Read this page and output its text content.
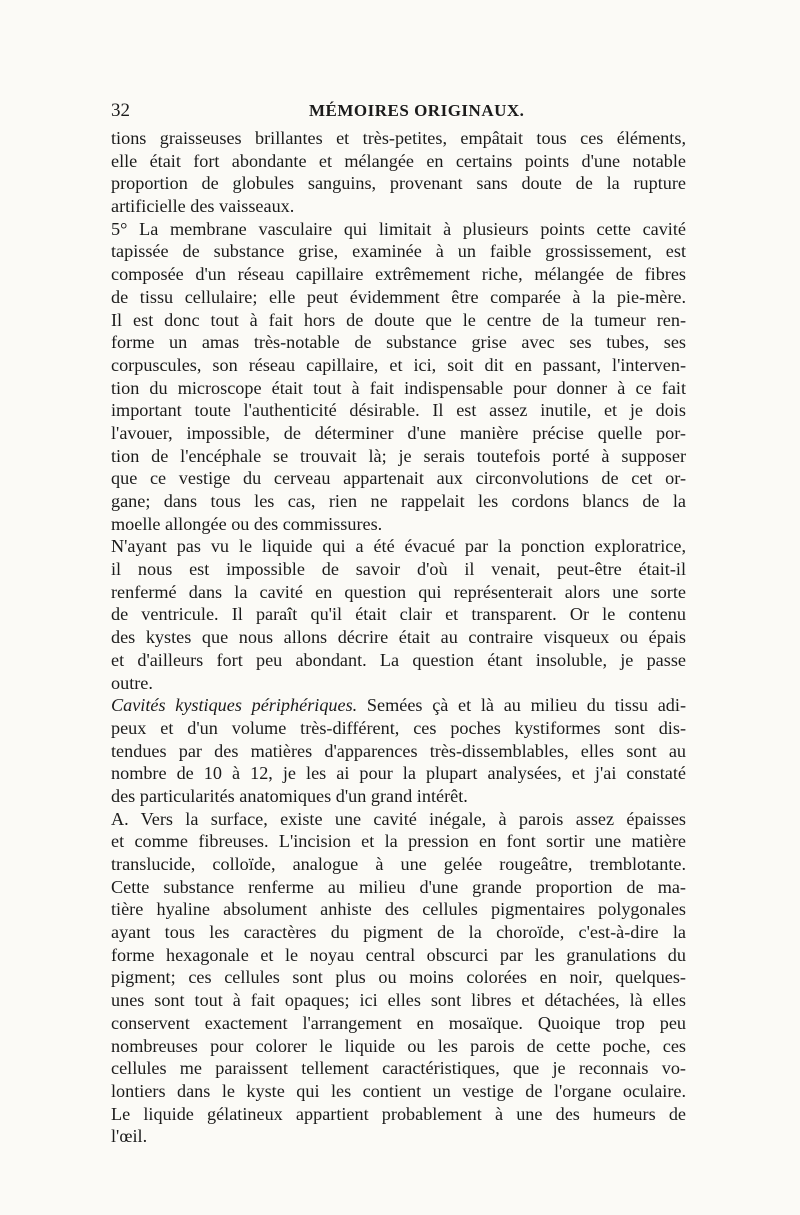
32	MÉMOIRES ORIGINAUX.
tions graisseuses brillantes et très-petites, empâtait tous ces éléments,
elle était fort abondante et mélangée en certains points d'une notable
proportion de globules sanguins, provenant sans doute de la rupture
artificielle des vaisseaux.
5° La membrane vasculaire qui limitait à plusieurs points cette cavité
tapissée de substance grise, examinée à un faible grossissement, est
composée d'un réseau capillaire extrêmement riche, mélangée de fibres
de tissu cellulaire; elle peut évidemment être comparée à la pie-mère.
Il est donc tout à fait hors de doute que le centre de la tumeur ren-
forme un amas très-notable de substance grise avec ses tubes, ses
corpuscules, son réseau capillaire, et ici, soit dit en passant, l'interven-
tion du microscope était tout à fait indispensable pour donner à ce fait
important toute l'authenticité désirable. Il est assez inutile, et je dois
l'avouer, impossible, de déterminer d'une manière précise quelle por-
tion de l'encéphale se trouvait là; je serais toutefois porté à supposer
que ce vestige du cerveau appartenait aux circonvolutions de cet or-
gane; dans tous les cas, rien ne rappelait les cordons blancs de la
moelle allongée ou des commissures.
N'ayant pas vu le liquide qui a été évacué par la ponction exploratrice,
il nous est impossible de savoir d'où il venait, peut-être était-il
renfermé dans la cavité en question qui représenterait alors une sorte
de ventricule. Il paraît qu'il était clair et transparent. Or le contenu
des kystes que nous allons décrire était au contraire visqueux ou épais
et d'ailleurs fort peu abondant. La question étant insoluble, je passe
outre.
Cavités kystiques périphériques. Semées çà et là au milieu du tissu adi-
peux et d'un volume très-différent, ces poches kystiformes sont dis-
tendues par des matières d'apparences très-dissemblables, elles sont au
nombre de 10 à 12, je les ai pour la plupart analysées, et j'ai constaté
des particularités anatomiques d'un grand intérêt.
A. Vers la surface, existe une cavité inégale, à parois assez épaisses
et comme fibreuses. L'incision et la pression en font sortir une matière
translucide, colloïde, analogue à une gelée rougeâtre, tremblotante.
Cette substance renferme au milieu d'une grande proportion de ma-
tière hyaline absolument anhiste des cellules pigmentaires polygonales
ayant tous les caractères du pigment de la choroïde, c'est-à-dire la
forme hexagonale et le noyau central obscurci par les granulations du
pigment; ces cellules sont plus ou moins colorées en noir, quelques-
unes sont tout à fait opaques; ici elles sont libres et détachées, là elles
conservent exactement l'arrangement en mosaïque. Quoique trop peu
nombreuses pour colorer le liquide ou les parois de cette poche, ces
cellules me paraissent tellement caractéristiques, que je reconnais vo-
lontiers dans le kyste qui les contient un vestige de l'organe oculaire.
Le liquide gélatineux appartient probablement à une des humeurs de
l'œil.
